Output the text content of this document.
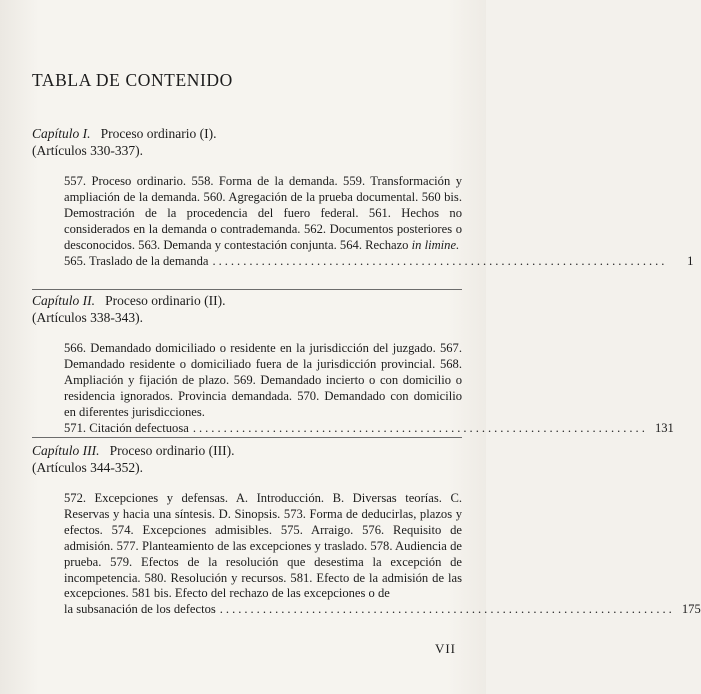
TABLA DE CONTENIDO
Capítulo I. Proceso ordinario (I).
(Artículos 330-337).
557. Proceso ordinario. 558. Forma de la demanda. 559. Transformación y ampliación de la demanda. 560. Agregación de la prueba documental. 560 bis. Demostración de la procedencia del fuero federal. 561. Hechos no considerados en la demanda o contrademanda. 562. Documentos posteriores o desconocidos. 563. Demanda y contestación conjunta. 564. Rechazo in limine.
565. Traslado de la demanda ..........................................................................	1
Capítulo II. Proceso ordinario (II).
(Artículos 338-343).
566. Demandado domiciliado o residente en la jurisdicción del juzgado. 567. Demandado residente o domiciliado fuera de la jurisdicción provincial. 568. Ampliación y fijación de plazo. 569. Demandado incierto o con domicilio o residencia ignorados. Provincia demandada. 570. Demandado con domicilio en diferentes jurisdicciones.
571. Citación defectuosa .......................................................................... 131
Capítulo III. Proceso ordinario (III).
(Artículos 344-352).
572. Excepciones y defensas. A. Introducción. B. Diversas teorías. C. Reservas y hacia una síntesis. D. Sinopsis. 573. Forma de deducirlas, plazos y efectos. 574. Excepciones admisibles. 575. Arraigo. 576. Requisito de admisión. 577. Planteamiento de las excepciones y traslado. 578. Audiencia de prueba. 579. Efectos de la resolución que desestima la excepción de incompetencia. 580. Resolución y recursos. 581. Efecto de la admisión de las excepciones. 581 bis. Efecto del rechazo de las excepciones o de
la subsanación de los defectos .......................................................................... 175
VII
